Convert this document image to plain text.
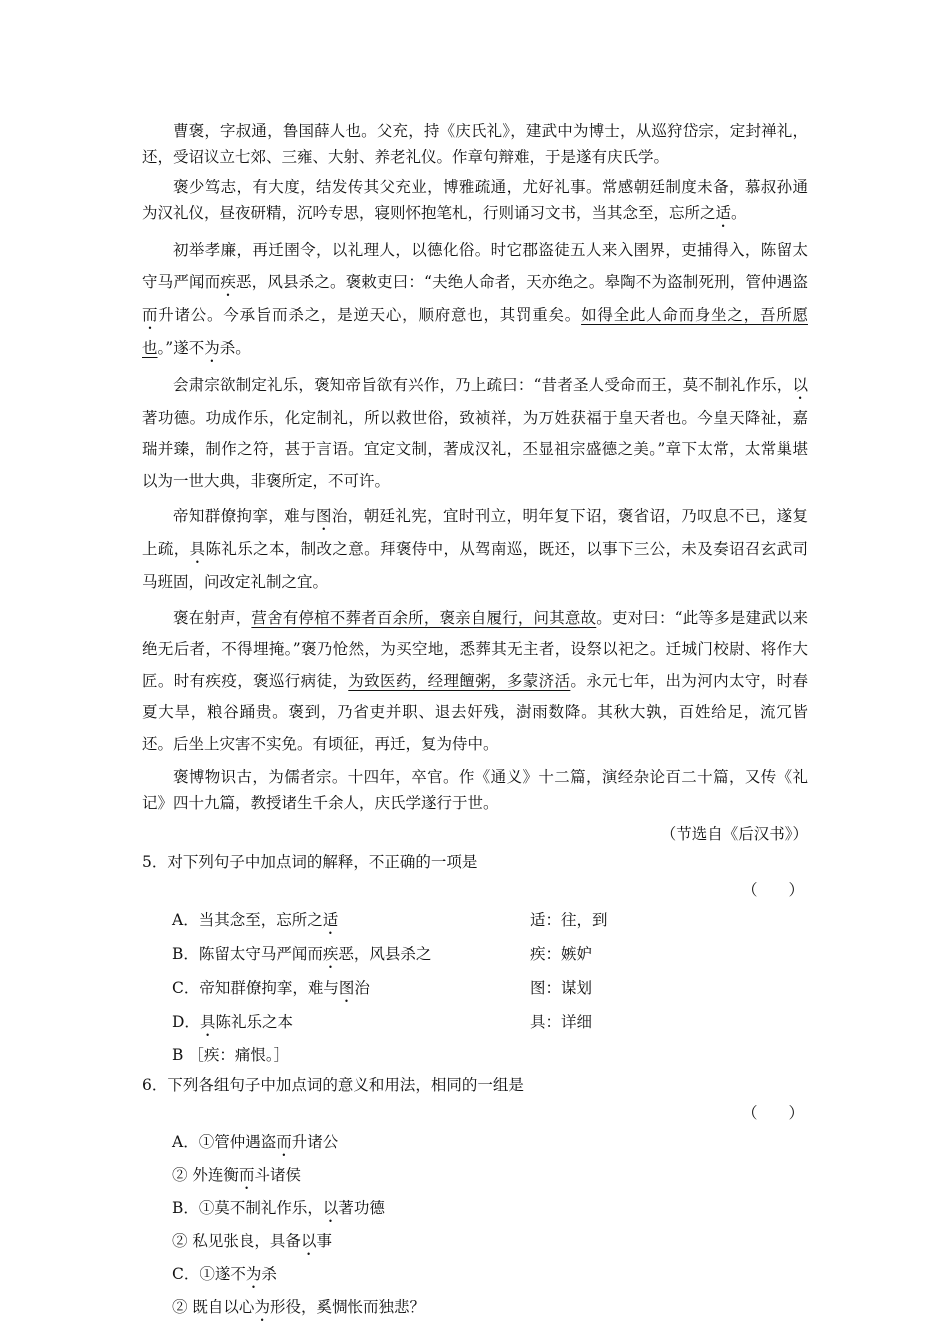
曹褒，字叔通，鲁国薛人也。父充，持《庆氏礼》，建武中为博士，从巡狩岱宗，定封禅礼，还，受诏议立七郊、三雍、大射、养老礼仪。作章句辩难，于是遂有庆氏学。

褒少笃志，有大度，结发传其父充业，博雅疏通，尤好礼事。常感朝廷制度未备，慕叔孙通为汉礼仪，昼夜研精，沉吟专思，寝则怀抱笔札，行则诵习文书，当其念至，忘所之适。

初举孝廉，再迁圉令，以礼理人，以德化俗。时它郡盗徒五人来入圉界，吏捕得入，陈留太守马严闻而疾恶，风县杀之。褒敕吏曰：“夫绝人命者，天亦绝之。皋陶不为盗制死刑，管仲遇盗而升诸公。今承旨而杀之，是逆天心，顺府意也，其罚重矣。如得全此人命而身坐之，吾所愿也。”遂不为杀。

会肃宗欲制定礼乐，褒知帝旨欲有兴作，乃上疏曰：“昔者圣人受命而王，莫不制礼作乐，以著功德。功成作乐，化定制礼，所以救世俗，致祯祥，为万姓获福于皇天者也。今皇天降祉，嘉瑞并臻，制作之符，甚于言语。宜定文制，著成汉礼，丕显祖宗盛德之美。”章下太常，太常巢堪以为一世大典，非褒所定，不可许。

帝知群僚拘挛，难与图治，朝廷礼宪，宜时刊立，明年复下诏，褒省诏，乃叹息不已，遂复上疏，具陈礼乐之本，制改之意。拜褒侍中，从驾南巡，既还，以事下三公，未及奏诏召玄武司马班固，问改定礼制之宜。

褒在射声，营舍有停棺不葬者百余所，褒亲自履行，问其意故。吏对曰：“此等多是建武以来绝无后者，不得埋掩。”褒乃怆然，为买空地，悉葬其无主者，设祭以祀之。迁城门校尉、将作大匠。时有疾疫，褒巡行病徒，为致医药，经理饘粥，多蒙济活。永元七年，出为河内太守，时春夏大旱，粮谷踊贵。褒到，乃省吏并职、退去奸残，澍雨数降。其秋大孰，百姓给足，流冗皆还。后坐上灾害不实免。有顷征，再迁，复为侍中。

褒博物识古，为儒者宗。十四年，卒官。作《通义》十二篇，演经杂论百二十篇，又传《礼记》四十九篇，教授诸生千余人，庆氏学遂行于世。

（节选自《后汉书》）

5．对下列句子中加点词的解释，不正确的一项是

（　　）

A．当其念至，忘所之适	适：往，到
B．陈留太守马严闻而疾恶，风县杀之	疾：嫉妒
C．帝知群僚拘挛，难与图治	图：谋划
D．具陈礼乐之本	具：详细

B ［疾：痛恨。］

6．下列各组句子中加点词的意义和用法，相同的一组是

（　　）

A．①管仲遇盗而升诸公

② 外连衡而斗诸侯

B．①莫不制礼作乐，以著功德

② 私见张良，具备以事

C．①遂不为杀

② 既自以心为形役，奚惆怅而独悲？
